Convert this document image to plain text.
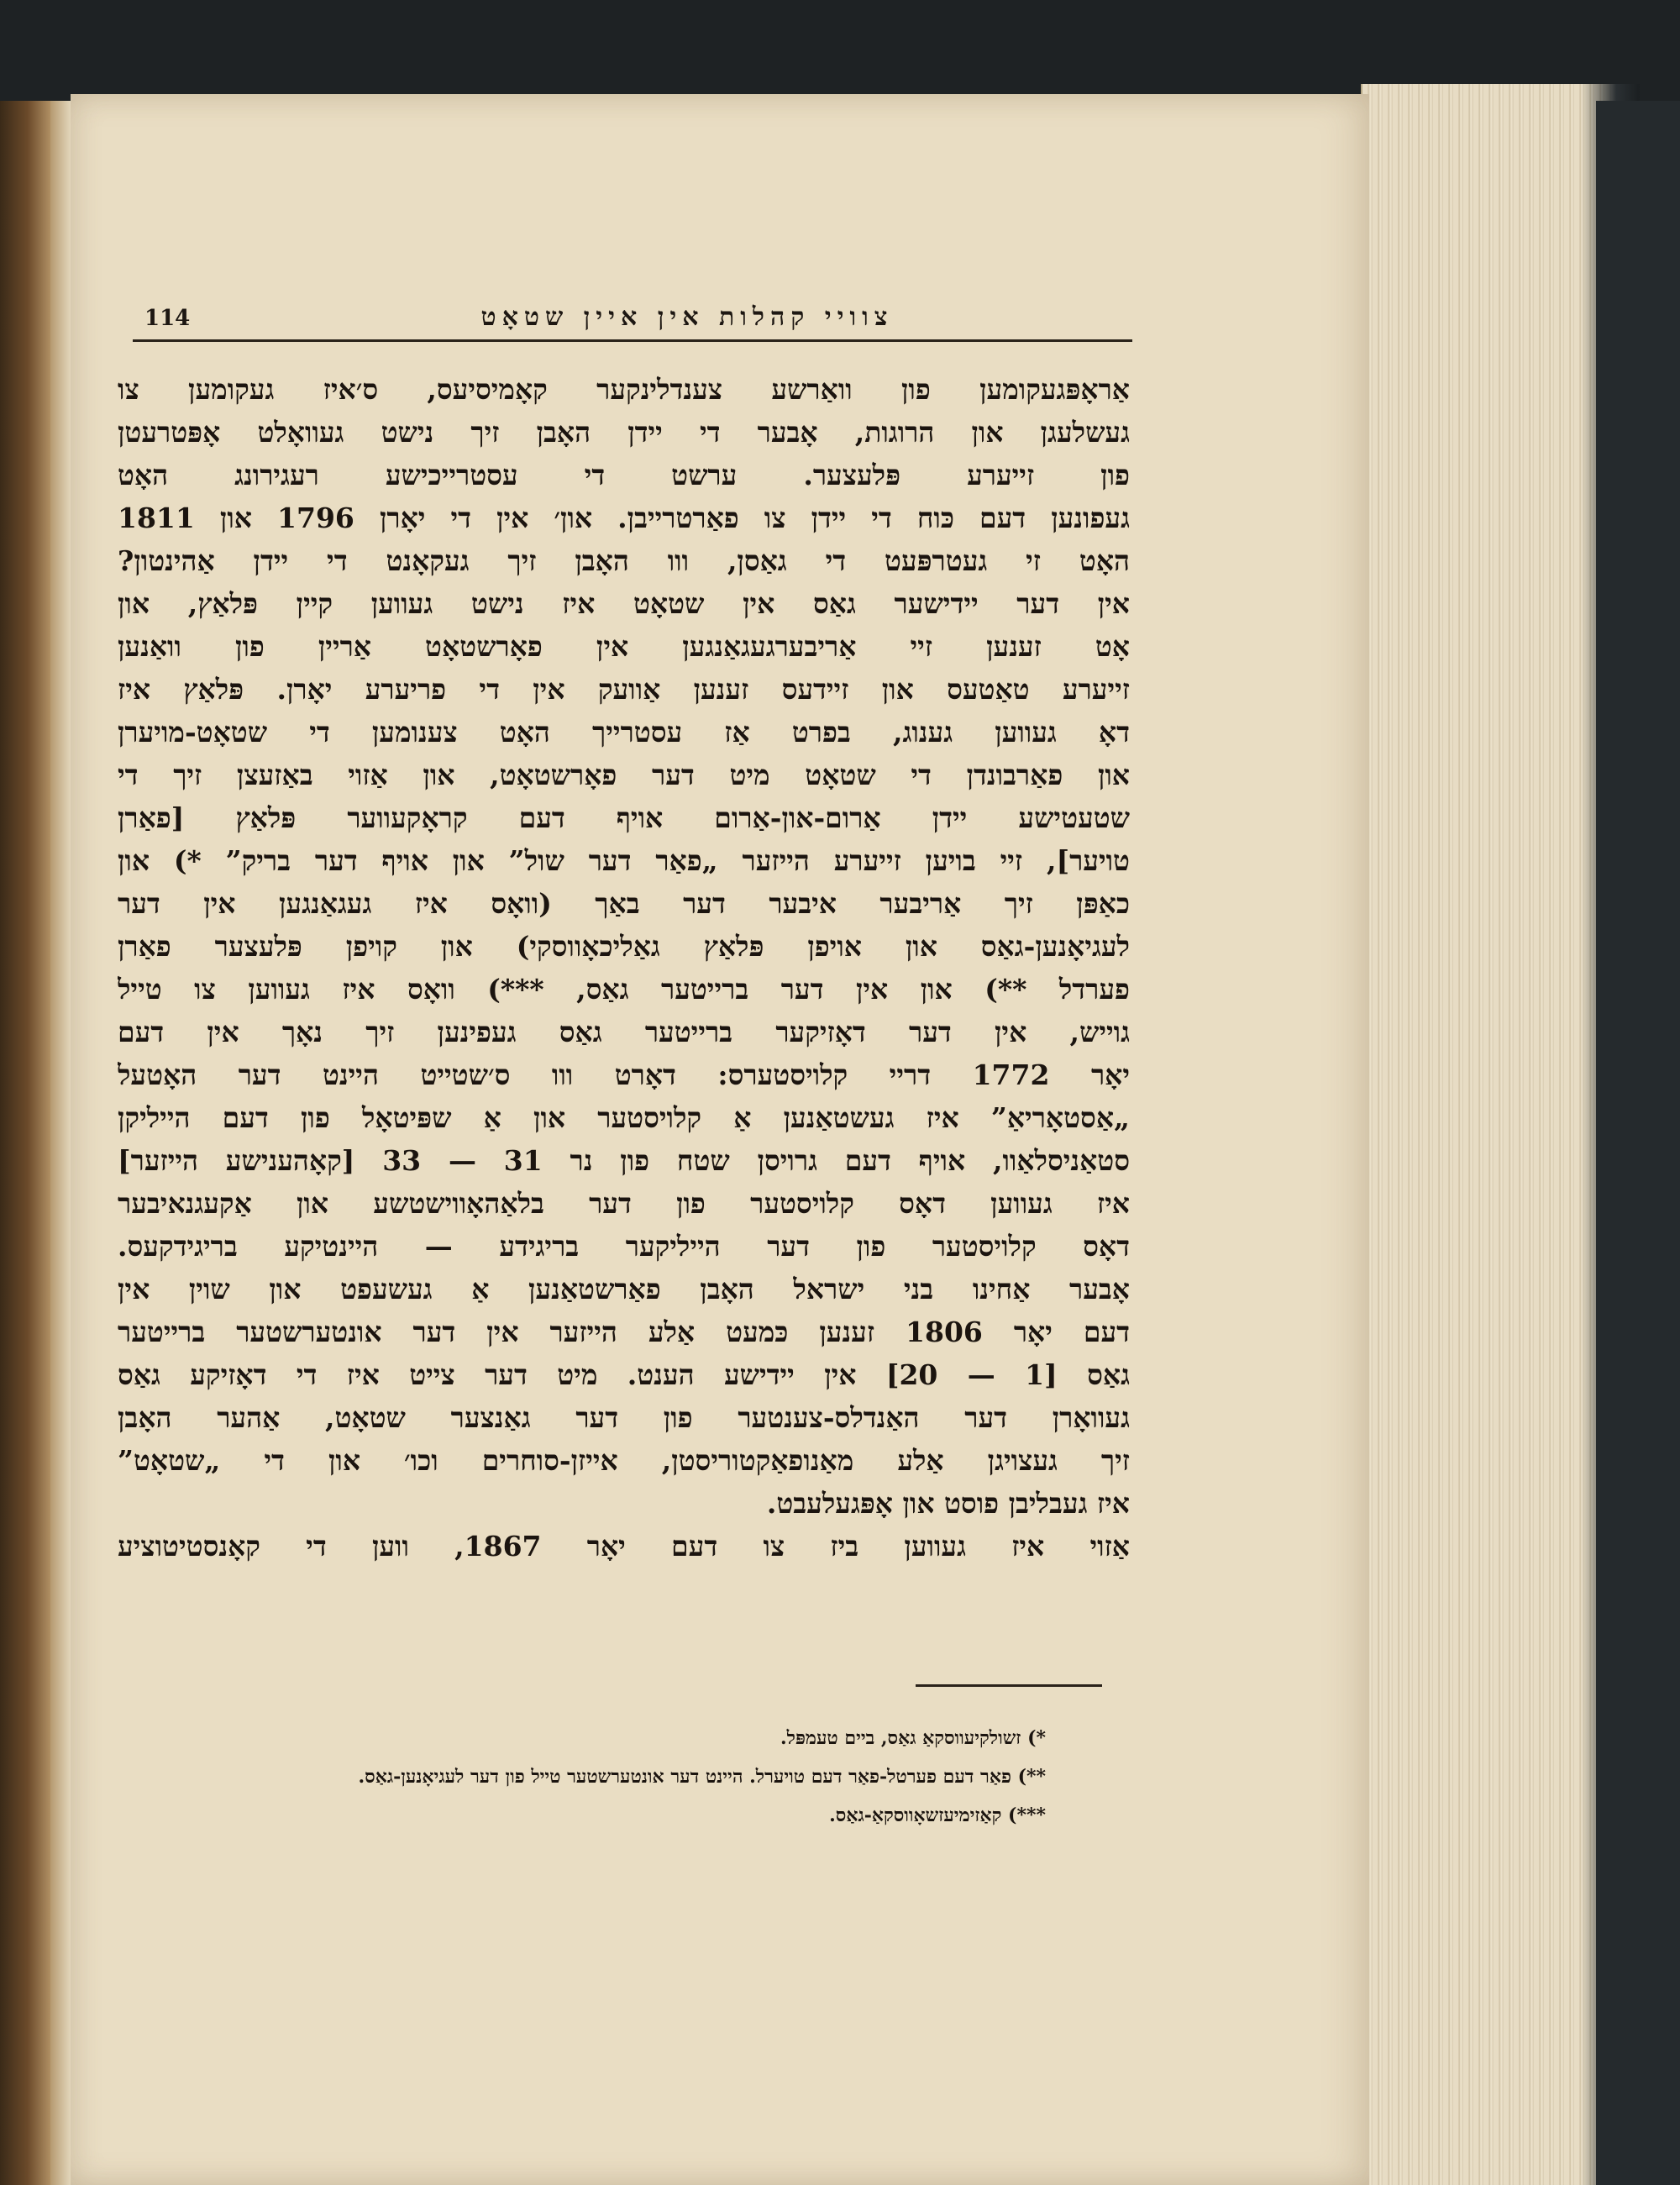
114	צוויי קהלות אין איין שטאָט
אַראָפּגעקומען פון וואַרשע צענדלינקער קאָמיסיעס, ס׳איז געקומען צו
געשלעגן און הרוגות, אָבער די יידן האָבן זיך נישט געוואָלט אָפּטרעטן
פון זייערע פּלעצער. ערשט די עסטרייכישע רעגירונג האָט
געפונען דעם כּוח די יידן צו פאַרטרייבן. און׳ אין די יאָרן 1796 און 1811
האָט זי געטרפּעט די גאַסן, ווו האָבן זיך געקאָנט די יידן אַהינטון?
אין דער יידישער גאַס אין שטאָט איז נישט געווען קיין פּלאַץ, און
אָט זענען זיי אַריבערגעגאַנגען אין פאָרשטאָט אַריין פון וואַנען
זייערע טאַטעס און זיידעס זענען אַוועק אין די פריערע יאָרן. פּלאַץ איז
דאָ געווען גענוג, בפרט אַז עסטרייך האָט צענומען די שטאָט-מויערן
און פאַרבונדן די שטאָט מיט דער פאָרשטאָט, און אַזוי באַזעצן זיך די
שטעטישע יידן אַרום-און-אַרום אויף דעם קראָקעווער פּלאַץ [פאַרן
טויער], זיי בויען זייערע הייזער „פאַר דער שול” און אויף דער בריק” *) און
כאַפּן זיך אַריבער איבער דער באַך (וואָס איז געגאַנגען אין דער
לעגיאָנען-גאַס און אויפן פּלאַץ גאַליכאָווסקי) און קויפן פּלעצער פאַרן
פערדל **) און אין דער ברייטער גאַס, ***) וואָס איז געווען צו טייל
גוייש, אין דער דאָזיקער ברייטער גאַס געפינען זיך נאָך אין דעם
יאָר 1772 דריי קלויסטערס: דאָרט ווו ס׳שטייט היינט דער האָטעל
„אַסטאָריאַ” איז געשטאַנען אַ קלויסטער און אַ שפּיטאָל פון דעם הייליקן
סטאַניסלאַוו, אויף דעם גרויסן שטח פון נר 31 — 33 [קאָהענישע הייזער]
איז געווען דאָס קלויסטער פון דער בלאַהאָווישטשע און אַקעגנאיבער
דאָס קלויסטער פון דער הייליקער בריגידע — היינטיקע בריגידקעס.
אָבער אַחינו בני ישראל האָבן פאַרשטאַנען אַ געשעפט און שוין אין
דעם יאָר 1806 זענען כּמעט אַלע הייזער אין דער אונטערשטער ברייטער
גאַס [1 — 20] אין יידישע הענט. מיט דער צייט איז די דאָזיקע גאַס
געוואָרן דער האַנדלס-צענטער פון דער גאַנצער שטאָט, אַהער האָבן
זיך געצויגן אַלע מאַנופאַקטוריסטן, אייזן-סוחרים וכו׳ און די „שטאָט”
איז געבליבן פוסט און אָפּגעלעבט.
אַזוי איז געווען ביז צו דעם יאָר 1867, ווען די קאָנסטיטוציע
*) זשולקיעווסקאַ גאַס, ביים טעמפּל.
**) פאַר דעם פערטל-פאַר דעם טויערל. היינט דער אונטערשטער טייל פון דער לעגיאָנען-גאַס.
***) קאַזימיעזשאָווסקאַ-גאַס.
